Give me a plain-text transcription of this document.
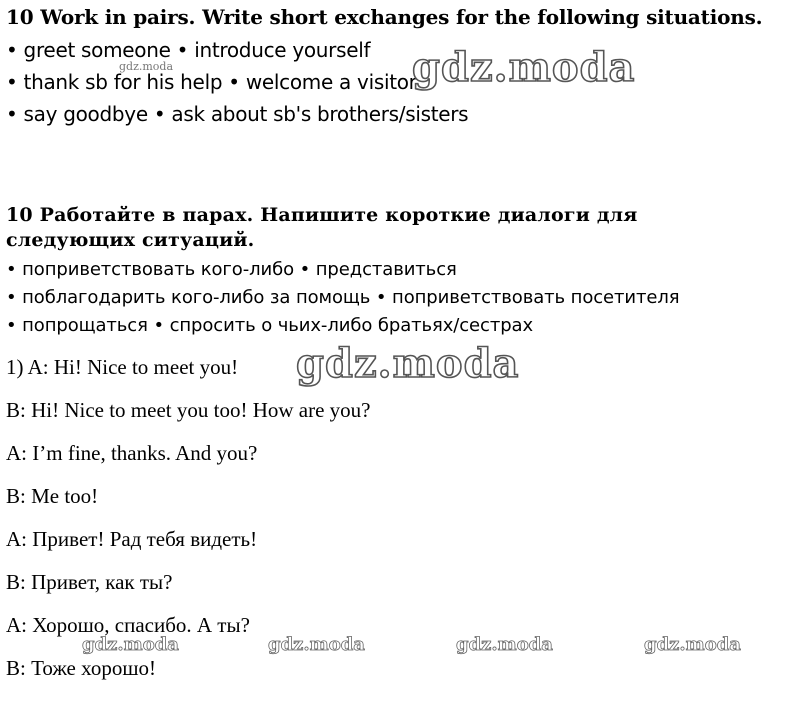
10 Work in pairs. Write short exchanges for the following situations.
• greet someone • introduce yourself
• thank sb for his help • welcome a visitor
• say goodbye • ask about sb's brothers/sisters
gdz.moda	gdz.moda
10 Работайте в парах. Напишите короткие диалоги для следующих ситуаций.
• поприветствовать кого-либо • представиться
• поблагодарить кого-либо за помощь • поприветствовать посетителя
• попрощаться • спросить о чьих-либо братьях/сестрах
1) A: Hi! Nice to meet you! gdz.moda
B: Hi! Nice to meet you too! How are you?
A: I’m fine, thanks. And you?
B: Me too!
A: Привет! Рад тебя видеть!
B: Привет, как ты?
A: Хорошо, спасибо. А ты?
gdz.moda	gdz.moda	gdz.moda	gdz.moda
B: Тоже хорошо!
